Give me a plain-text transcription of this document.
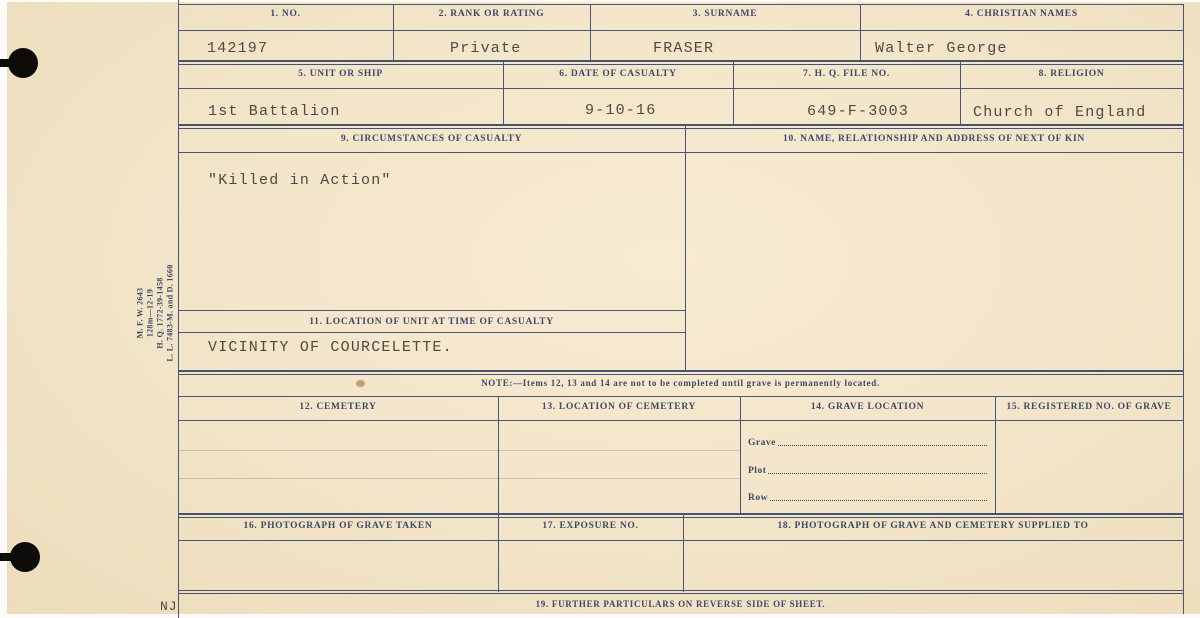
1. NO.	2. RANK OR RATING	3. SURNAME	4. CHRISTIAN NAMES
142197	Private	FRASER	Walter George
5. UNIT OR SHIP	6. DATE OF CASUALTY	7. H. Q. FILE NO.	8. RELIGION
1st Battalion	9-10-16	649-F-3003	Church of England
9. CIRCUMSTANCES OF CASUALTY	10. NAME, RELATIONSHIP AND ADDRESS OF NEXT OF KIN
"Killed in Action"
11. LOCATION OF UNIT AT TIME OF CASUALTY
VICINITY OF COURCELETTE.
NOTE:—Items 12, 13 and 14 are not to be completed until grave is permanently located.
12. CEMETERY	13. LOCATION OF CEMETERY	14. GRAVE LOCATION	15. REGISTERED NO. OF GRAVE
Grave
Plot
Row
16. PHOTOGRAPH OF GRAVE TAKEN	17. EXPOSURE NO.	18. PHOTOGRAPH OF GRAVE AND CEMETERY SUPPLIED TO
19. FURTHER PARTICULARS ON REVERSE SIDE OF SHEET.
M. F. W. 2643 128m—12-19 H. Q. 1772-39-1458 L. L. 7483-M. and D. 1660
NJ
